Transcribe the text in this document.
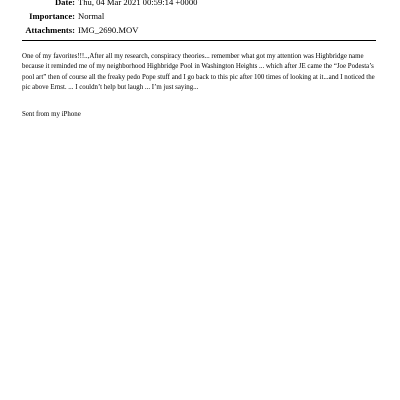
Date: Thu, 04 Mar 2021 00:59:14 +0000
Importance: Normal
Attachments: IMG_2690.MOV
One of my favorites!!!..,After all my research, conspiracy theories... remember what got my attention was Highbridge name because it reminded me of my neighborhood Highbridge Pool in Washington Heights ... which after JE came the “Joe Podesta’s pool art” then of course all the freaky pedo Pope stuff and I go back to this pic after 100 times of looking at it...and I noticed the pic above Ernst. ... I couldn’t help but laugh ... I’m just saying...
Sent from my iPhone
